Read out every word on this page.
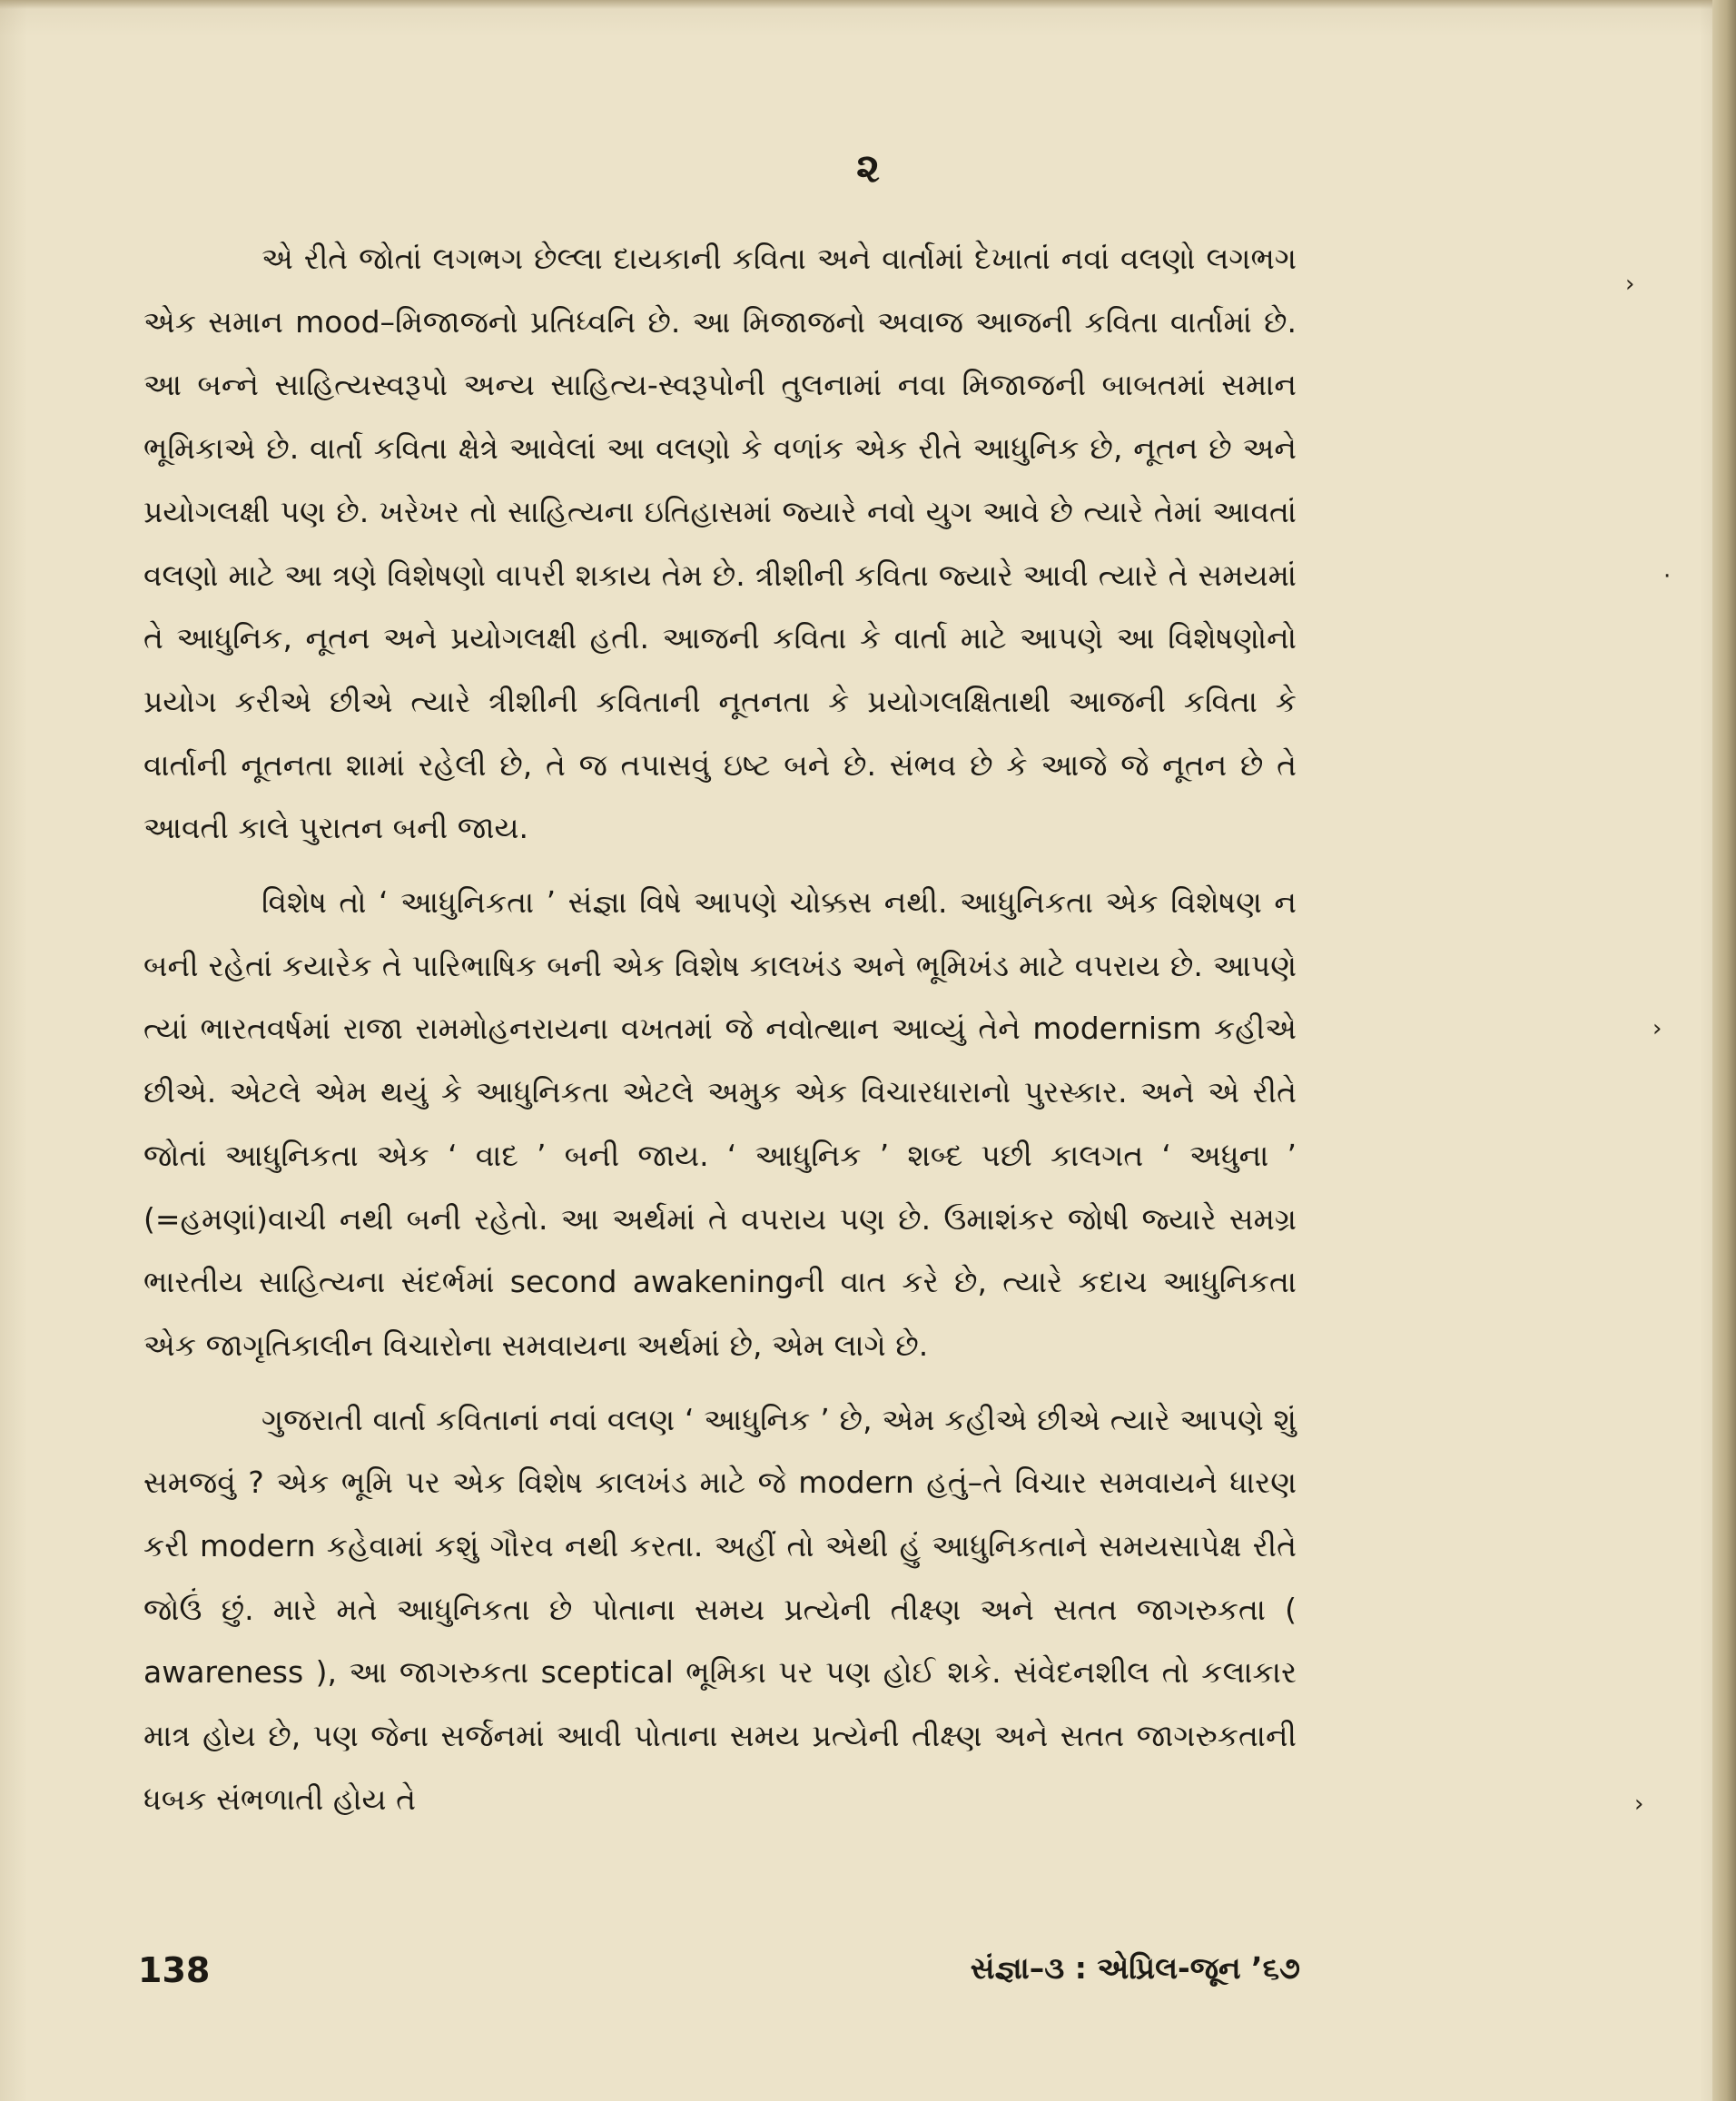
૨

એ રીતે જોતાં લગભગ છેલ્લા દાયકાની કવિતા અને વાર્તામાં દેખાતાં નવાં વલણો લગભગ એક સમાન mood–મિજાજનો પ્રતિધ્વનિ છે. આ મિજાજનો અવાજ આજની કવિતા વાર્તામાં છે. આ બન્ને સાહિત્યસ્વરૂપો અન્ય સાહિત્ય-સ્વરૂપોની તુલનામાં નવા મિજાજની બાબતમાં સમાન ભૂમિકાએ છે. વાર્તા કવિતા ક્ષેત્રે આવેલાં આ વલણો કે વળાંક એક રીતે આધુનિક છે, નૂતન છે અને પ્રયોગલક્ષી પણ છે. ખરેખર તો સાહિત્યના ઇતિહાસમાં જ્યારે નવો યુગ આવે છે ત્યારે તેમાં આવતાં વલણો માટે આ ત્રણે વિશેષણો વાપરી શકાય તેમ છે. ત્રીશીની કવિતા જ્યારે આવી ત્યારે તે સમયમાં તે આધુનિક, નૂતન અને પ્રયોગલક્ષી હતી. આજની કવિતા કે વાર્તા માટે આપણે આ વિશેષણોનો પ્રયોગ કરીએ છીએ ત્યારે ત્રીશીની કવિતાની નૂતનતા કે પ્રયોગલક્ષિતાથી આજની કવિતા કે વાર્તાની નૂતનતા શામાં રહેલી છે, તે જ તપાસવું ઇષ્ટ બને છે. સંભવ છે કે આજે જે નૂતન છે તે આવતી કાલે પુરાતન બની જાય.

વિશેષ તો ‘ આધુનિકતા ’ સંજ્ઞા વિષે આપણે ચોક્કસ નથી. આધુનિકતા એક વિશેષણ ન બની રહેતાં કયારેક તે પારિભાષિક બની એક વિશેષ કાલખંડ અને ભૂમિખંડ માટે વપરાય છે. આપણે ત્યાં ભારતવર્ષમાં રાજા રામમોહનરાયના વખતમાં જે નવોત્થાન આવ્યું તેને modernism કહીએ છીએ. એટલે એમ થયું કે આધુનિકતા એટલે અમુક એક વિચારધારાનો પુરસ્કાર. અને એ રીતે જોતાં આધુનિકતા એક ‘ વાદ ’ બની જાય. ‘ આધુનિક ’ શબ્દ પછી કાલગત ‘ અધુના ’ (=હમણાં)વાચી નથી બની રહેતો. આ અર્થમાં તે વપરાય પણ છે. ઉમાશંકર જોષી જ્યારે સમગ્ર ભારતીય સાહિત્યના સંદર્ભમાં second awakeningની વાત કરે છે, ત્યારે કદાચ આધુનિકતા એક જાગૃતિકાલીન વિચારોના સમવાયના અર્થમાં છે, એમ લાગે છે.

ગુજરાતી વાર્તા કવિતાનાં નવાં વલણ ‘ આધુનિક ’ છે, એમ કહીએ છીએ ત્યારે આપણે શું સમજવું ? એક ભૂમિ પર એક વિશેષ કાલખંડ માટે જે modern હતું–તે વિચાર સમવાયને ધારણ કરી modern કહેવામાં કશું ગૌરવ નથી કરતા. અહીં તો એથી હું આધુનિકતાને સમયસાપેક્ષ રીતે જોઉં છું. મારે મતે આધુનિકતા છે પોતાના સમય પ્રત્યેની તીક્ષ્ણ અને સતત જાગરુકતા ( awareness ), આ જાગરુકતા sceptical ભૂમિકા પર પણ હોઈ શકે. સંવેદનશીલ તો કલાકાર માત્ર હોય છે, પણ જેના સર્જનમાં આવી પોતાના સમય પ્રત્યેની તીક્ષ્ણ અને સતત જાગરુકતાની ધબક સંભળાતી હોય તે

138	સંજ્ઞા–૩ : એપ્રિલ-જૂન ’૬૭
›
·
›
›
